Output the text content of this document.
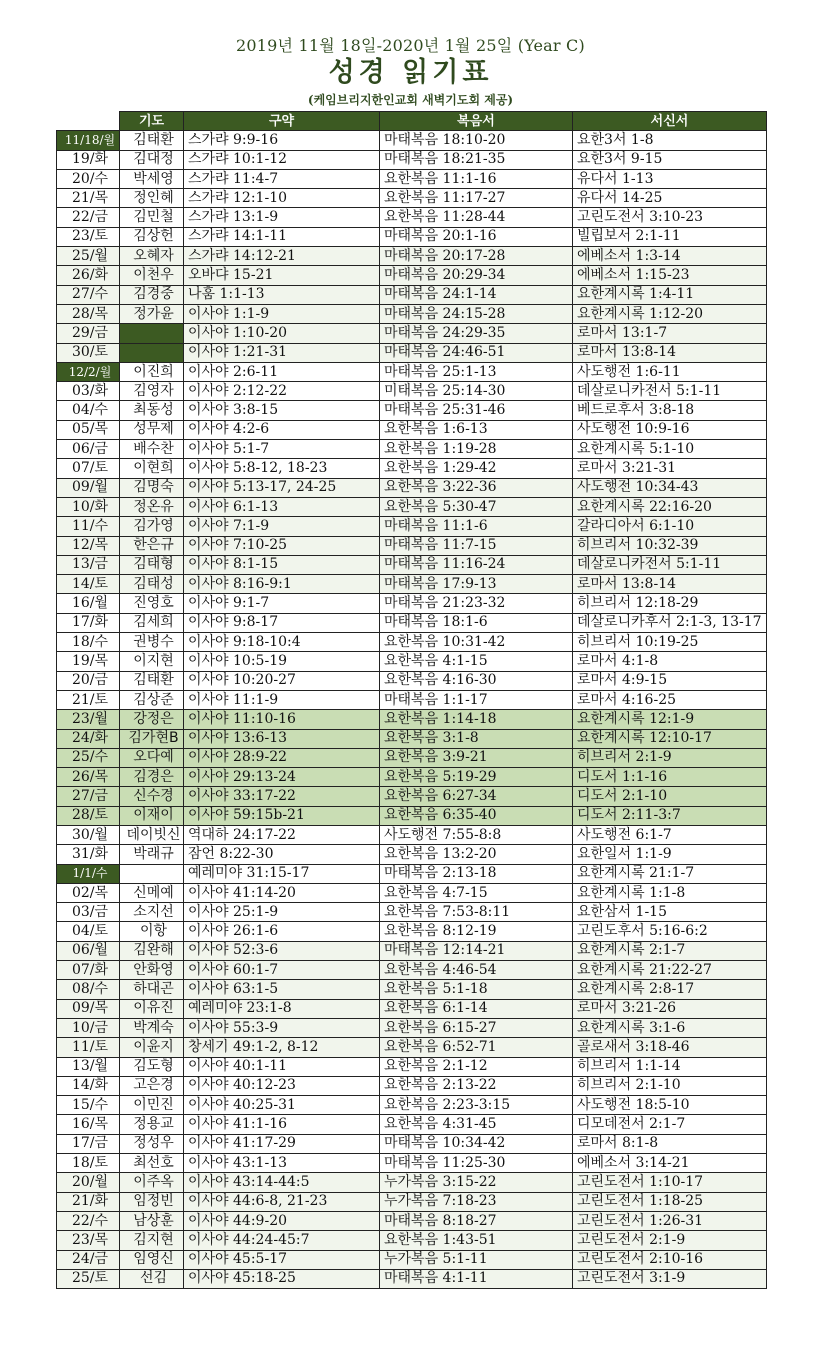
2019년 11월 18일-2020년 1월 25일 (Year C)
성경 읽기표
(케임브리지한인교회 새벽기도회 제공)
	기도	구약	복음서	서신서
11/18/월	김태환	스가랴 9:9-16	마태복음 18:10-20	요한3서 1-8
19/화	김대정	스가랴 10:1-12	마태복음 18:21-35	요한3서 9-15
20/수	박세영	스가랴 11:4-7	요한복음 11:1-16	유다서 1-13
21/목	정인혜	스가랴 12:1-10	요한복음 11:17-27	유다서 14-25
22/금	김민철	스가랴 13:1-9	요한복음 11:28-44	고린도전서 3:10-23
23/토	김상헌	스가랴 14:1-11	마태복음 20:1-16	빌립보서 2:1-11
25/월	오혜자	스가랴 14:12-21	마태복음 20:17-28	에베소서 1:3-14
26/화	이천우	오바댜 15-21	마태복음 20:29-34	에베소서 1:15-23
27/수	김경중	나훔 1:1-13	마태복음 24:1-14	요한계시록 1:4-11
28/목	정가윤	이사야 1:1-9	마태복음 24:15-28	요한계시록 1:12-20
29/금		이사야 1:10-20	마태복음 24:29-35	로마서 13:1-7
30/토		이사야 1:21-31	마태복음 24:46-51	로마서 13:8-14
12/2/월	이진희	이사야 2:6-11	마태복음 25:1-13	사도행전 1:6-11
03/화	김영자	이사야 2:12-22	미태복음 25:14-30	데살로니카전서 5:1-11
04/수	최동성	이사야 3:8-15	마태복음 25:31-46	베드로후서 3:8-18
05/목	성무제	이사야 4:2-6	요한복음 1:6-13	사도행전 10:9-16
06/금	배수찬	이사야 5:1-7	요한복음 1:19-28	요한계시록 5:1-10
07/토	이현희	이사야 5:8-12, 18-23	요한복음 1:29-42	로마서 3:21-31
09/월	김명숙	이사야 5:13-17, 24-25	요한복음 3:22-36	사도행전 10:34-43
10/화	정온유	이사야 6:1-13	요한복음 5:30-47	요한계시록 22:16-20
11/수	김가영	이사야 7:1-9	마태복음 11:1-6	갈라디아서 6:1-10
12/목	한은규	이사야 7:10-25	마태복음 11:7-15	히브리서 10:32-39
13/금	김태형	이사야 8:1-15	마태복음 11:16-24	데살로니카전서 5:1-11
14/토	김태성	이사야 8:16-9:1	마태복음 17:9-13	로마서 13:8-14
16/월	진영호	이사야 9:1-7	마태복음 21:23-32	히브리서 12:18-29
17/화	김세희	이사야 9:8-17	마태복음 18:1-6	데살로니카후서 2:1-3, 13-17
18/수	권병수	이사야 9:18-10:4	요한복음 10:31-42	히브리서 10:19-25
19/목	이지현	이사야 10:5-19	요한복음 4:1-15	로마서 4:1-8
20/금	김태환	이사야 10:20-27	요한복음 4:16-30	로마서 4:9-15
21/토	김상준	이사야 11:1-9	마태복음 1:1-17	로마서 4:16-25
23/월	강정은	이사야 11:10-16	요한복음 1:14-18	요한계시록 12:1-9
24/화	김가현B	이사야 13:6-13	요한복음 3:1-8	요한계시록 12:10-17
25/수	오다예	이사야 28:9-22	요한복음 3:9-21	히브리서 2:1-9
26/목	김경은	이사야 29:13-24	요한복음 5:19-29	디도서 1:1-16
27/금	신수경	이사야 33:17-22	요한복음 6:27-34	디도서 2:1-10
28/토	이재이	이사야 59:15b-21	요한복음 6:35-40	디도서 2:11-3:7
30/월	데이빗신	역대하 24:17-22	사도행전 7:55-8:8	사도행전 6:1-7
31/화	박래규	잠언 8:22-30	요한복음 13:2-20	요한일서 1:1-9
1/1/수		예레미야 31:15-17	마태복음 2:13-18	요한계시록 21:1-7
02/목	신메예	이사야 41:14-20	요한복음 4:7-15	요한계시록 1:1-8
03/금	소지선	이사야 25:1-9	요한복음 7:53-8:11	요한삼서 1-15
04/토	이항	이사야 26:1-6	요한복음 8:12-19	고린도후서 5:16-6:2
06/월	김완해	이사야 52:3-6	마태복음 12:14-21	요한계시록 2:1-7
07/화	안화영	이사야 60:1-7	요한복음 4:46-54	요한계시록 21:22-27
08/수	하대곤	이사야 63:1-5	요한복음 5:1-18	요한계시록 2:8-17
09/목	이유진	예레미야 23:1-8	요한복음 6:1-14	로마서 3:21-26
10/금	박계숙	이사야 55:3-9	요한복음 6:15-27	요한계시록 3:1-6
11/토	이윤지	창세기 49:1-2, 8-12	요한복음 6:52-71	골로새서 3:18-46
13/월	김도형	이사야 40:1-11	요한복음 2:1-12	히브리서 1:1-14
14/화	고은경	이사야 40:12-23	요한복음 2:13-22	히브리서 2:1-10
15/수	이민진	이사야 40:25-31	요한복음 2:23-3:15	사도행전 18:5-10
16/목	정용교	이사야 41:1-16	요한복음 4:31-45	디모데전서 2:1-7
17/금	정성우	이사야 41:17-29	마태복음 10:34-42	로마서 8:1-8
18/토	최선호	이사야 43:1-13	마태복음 11:25-30	에베소서 3:14-21
20/월	이주옥	이사야 43:14-44:5	누가복음 3:15-22	고린도전서 1:10-17
21/화	임정빈	이사야 44:6-8, 21-23	누가복음 7:18-23	고린도전서 1:18-25
22/수	남상훈	이사야 44:9-20	마태복음 8:18-27	고린도전서 1:26-31
23/목	김지현	이사야 44:24-45:7	요한복음 1:43-51	고린도전서 2:1-9
24/금	임영신	이사야 45:5-17	누가복음 5:1-11	고린도전서 2:10-16
25/토	선김	이사야 45:18-25	마태복음 4:1-11	고린도전서 3:1-9
